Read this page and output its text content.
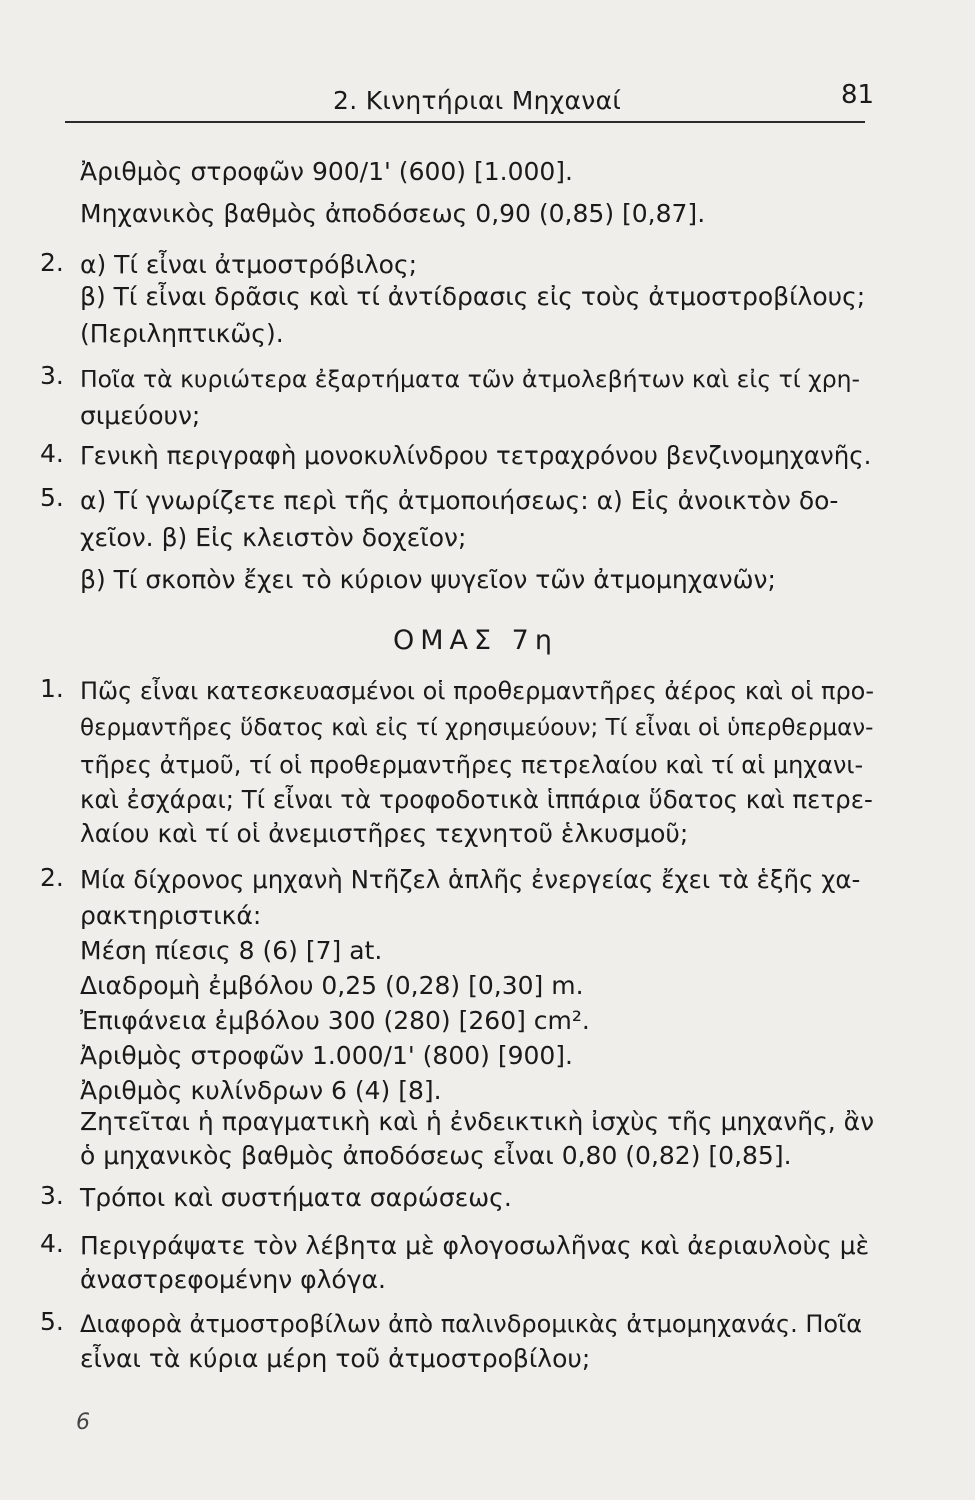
2. Κινητήριαι Μηχαναί	81
2.
3.
4.
5.
1.
2.
3.
4.
5.
Ἀριθμὸς στροφῶν 900/1' (600) [1.000].
Μηχανικὸς βαθμὸς ἀποδόσεως 0,90 (0,85) [0,87].
α) Τί εἶναι ἀτμοστρόβιλος;
β) Τί εἶναι δρᾶσις καὶ τί ἀντίδρασις εἰς τοὺς ἀτμοστροβίλους;
(Περιληπτικῶς).
Ποῖα τὰ κυριώτερα ἐξαρτήματα τῶν ἀτμολεβήτων καὶ εἰς τί χρη-
σιμεύουν;
Γενικὴ περιγραφὴ μονοκυλίνδρου τετραχρόνου βενζινομηχανῆς.
α) Τί γνωρίζετε περὶ τῆς ἀτμοποιήσεως: α) Εἰς ἀνοικτὸν δο-
χεῖον. β) Εἰς κλειστὸν δοχεῖον;
β) Τί σκοπὸν ἔχει τὸ κύριον ψυγεῖον τῶν ἀτμομηχανῶν;
ΟΜΑΣ 7η
Πῶς εἶναι κατεσκευασμένοι οἱ προθερμαντῆρες ἀέρος καὶ οἱ προ-
θερμαντῆρες ὕδατος καὶ εἰς τί χρησιμεύουν; Τί εἶναι οἱ ὑπερθερμαν-
τῆρες ἀτμοῦ, τί οἱ προθερμαντῆρες πετρελαίου καὶ τί αἱ μηχανι-
καὶ ἐσχάραι; Τί εἶναι τὰ τροφοδοτικὰ ἱππάρια ὕδατος καὶ πετρε-
λαίου καὶ τί οἱ ἀνεμιστῆρες τεχνητοῦ ἑλκυσμοῦ;
Μία δίχρονος μηχανὴ Ντῆζελ ἁπλῆς ἐνεργείας ἔχει τὰ ἑξῆς χα-
ρακτηριστικά:
Μέση πίεσις 8 (6) [7] at.
Διαδρομὴ ἐμβόλου 0,25 (0,28) [0,30] m.
Ἐπιφάνεια ἐμβόλου 300 (280) [260] cm².
Ἀριθμὸς στροφῶν 1.000/1' (800) [900].
Ἀριθμὸς κυλίνδρων 6 (4) [8].
Ζητεῖται ἡ πραγματικὴ καὶ ἡ ἐνδεικτικὴ ἰσχὺς τῆς μηχανῆς, ἂν
ὁ μηχανικὸς βαθμὸς ἀποδόσεως εἶναι 0,80 (0,82) [0,85].
Τρόποι καὶ συστήματα σαρώσεως.
Περιγράψατε τὸν λέβητα μὲ φλογοσωλῆνας καὶ ἀεριαυλοὺς μὲ
ἀναστρεφομένην φλόγα.
Διαφορὰ ἀτμοστροβίλων ἀπὸ παλινδρομικὰς ἀτμομηχανάς. Ποῖα
εἶναι τὰ κύρια μέρη τοῦ ἀτμοστροβίλου;
6
